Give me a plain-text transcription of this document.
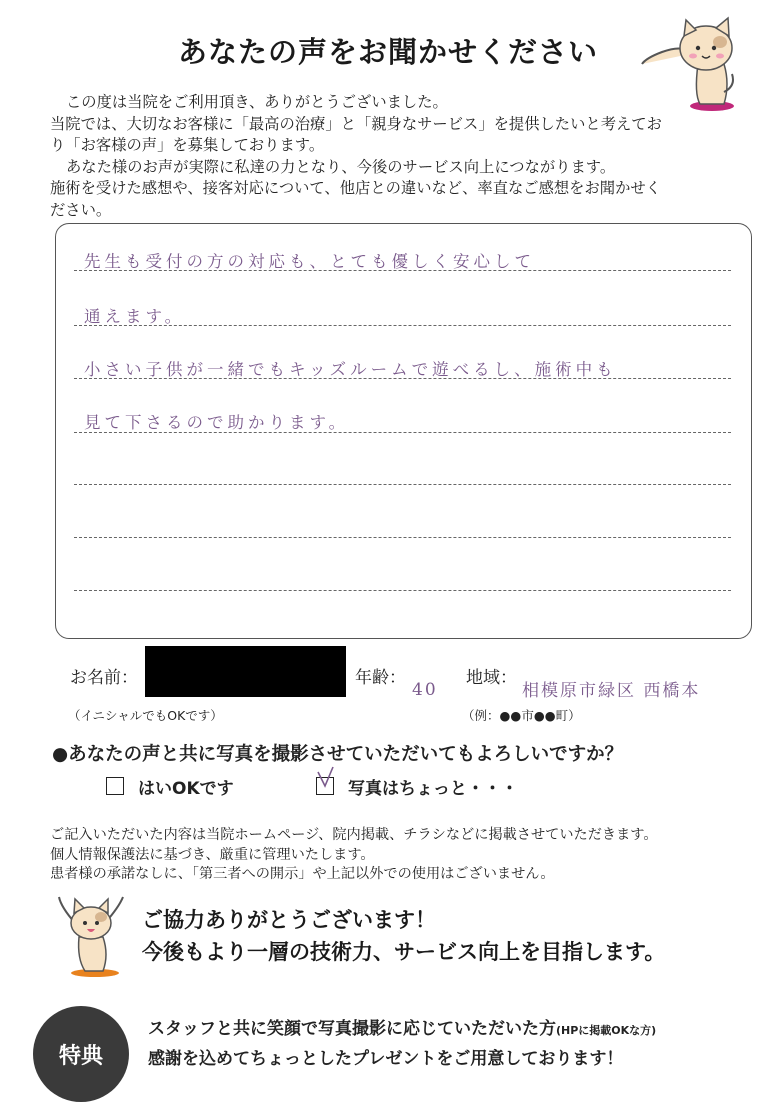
あなたの声をお聞かせください

この度は当院をご利用頂き、ありがとうございました。

当院では、大切なお客様に「最高の治療」と「親身なサービス」を提供したいと考えてお

り「お客様の声」を募集しております。

あなた様のお声が実際に私達の力となり、今後のサービス向上につながります。

施術を受けた感想や、接客対応について、他店との違いなど、率直なご感想をお聞かせく

ださい。

先生も受付の方の対応も、とても優しく安心して
通えます。
小さい子供が一緒でもキッズルームで遊べるし、施術中も
見て下さるので助かります。
お名前：
（イニシャルでもOKです）
年齢：
40
地域：
相模原市緑区 西橋本
（例：●●市●●町）
●あなたの声と共に写真を撮影させていただいてもよろしいですか？
はいOKです	写真はちょっと・・・

ご記入いただいた内容は当院ホームページ、院内掲載、チラシなどに掲載させていただきます。

個人情報保護法に基づき、厳重に管理いたします。

患者様の承諾なしに、「第三者への開示」や上記以外での使用はございません。

ご協力ありがとうございます！

今後もより一層の技術力、サービス向上を目指します。

特典

スタッフと共に笑顔で写真撮影に応じていただいた方(HPに掲載OKな方)

感謝を込めてちょっとしたプレゼントをご用意しております！
